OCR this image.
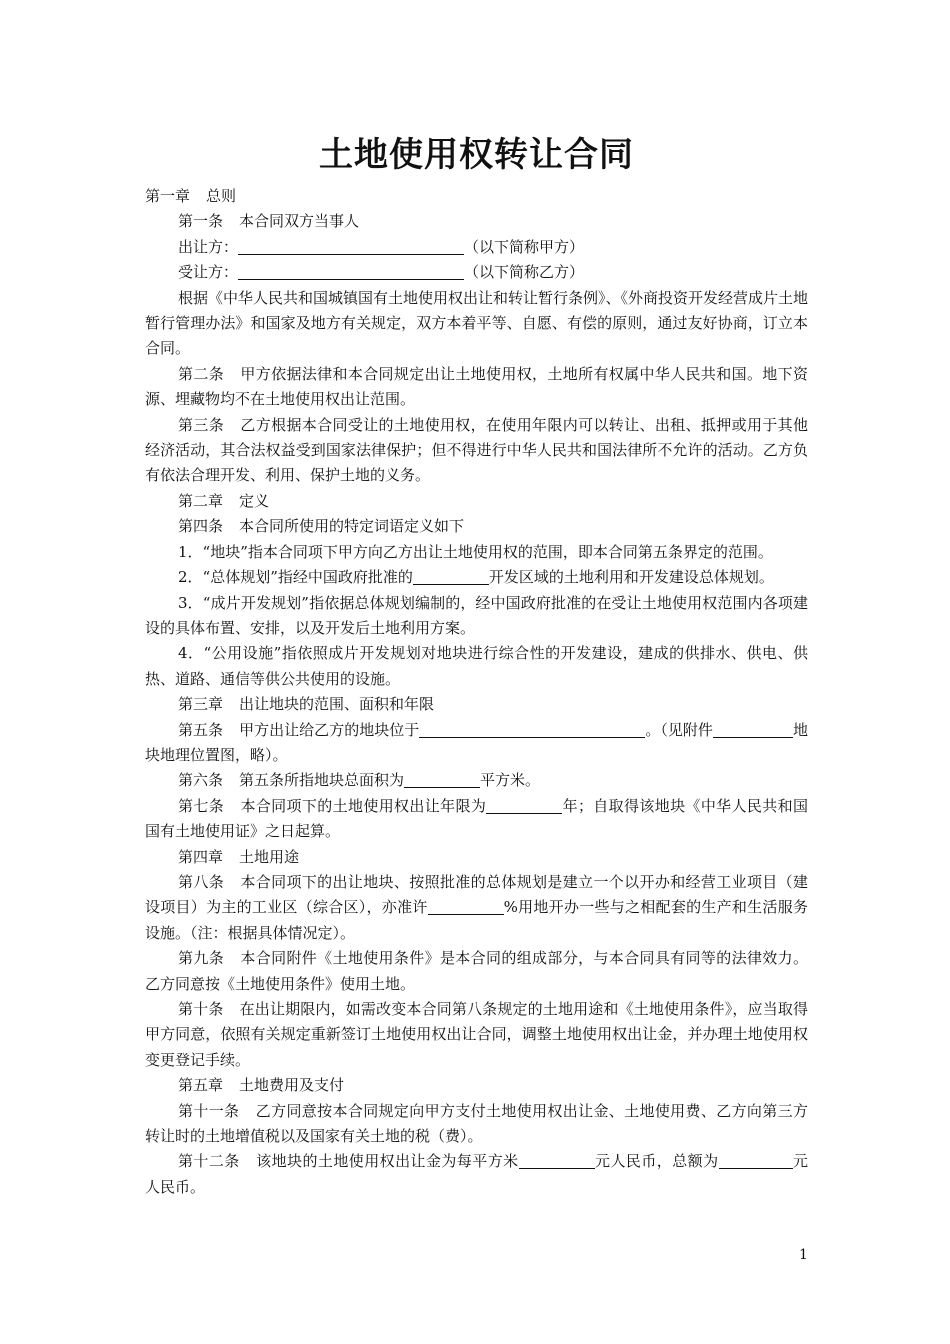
土地使用权转让合同

第一章 总则

第一条 本合同双方当事人

出让方：	（以下简称甲方）

受让方：	（以下简称乙方）

根据《中华人民共和国城镇国有土地使用权出让和转让暂行条例》、《外商投资开发经营成片土地暂行管理办法》和国家及地方有关规定，双方本着平等、自愿、有偿的原则，通过友好协商，订立本合同。

第二条 甲方依据法律和本合同规定出让土地使用权，土地所有权属中华人民共和国。地下资源、埋藏物均不在土地使用权出让范围。

第三条 乙方根据本合同受让的土地使用权，在使用年限内可以转让、出租、抵押或用于其他经济活动，其合法权益受到国家法律保护；但不得进行中华人民共和国法律所不允许的活动。乙方负有依法合理开发、利用、保护土地的义务。

第二章 定义

第四条 本合同所使用的特定词语定义如下

1．“地块”指本合同项下甲方向乙方出让土地使用权的范围，即本合同第五条界定的范围。

2．“总体规划”指经中国政府批准的	开发区域的土地利用和开发建设总体规划。

3．“成片开发规划”指依据总体规划编制的，经中国政府批准的在受让土地使用权范围内各项建设的具体布置、安排，以及开发后土地利用方案。

4．“公用设施”指依照成片开发规划对地块进行综合性的开发建设，建成的供排水、供电、供热、道路、通信等供公共使用的设施。

第三章 出让地块的范围、面积和年限

第五条 甲方出让给乙方的地块位于	。（见附件	地块地理位置图，略）。

第六条 第五条所指地块总面积为	平方米。

第七条 本合同项下的土地使用权出让年限为	年；自取得该地块《中华人民共和国国有土地使用证》之日起算。

第四章 土地用途

第八条 本合同项下的出让地块、按照批准的总体规划是建立一个以开办和经营工业项目（建设项目）为主的工业区（综合区），亦准许	%用地开办一些与之相配套的生产和生活服务设施。（注：根据具体情况定）。

第九条 本合同附件《土地使用条件》是本合同的组成部分，与本合同具有同等的法律效力。乙方同意按《土地使用条件》使用土地。

第十条 在出让期限内，如需改变本合同第八条规定的土地用途和《土地使用条件》，应当取得甲方同意，依照有关规定重新签订土地使用权出让合同，调整土地使用权出让金，并办理土地使用权变更登记手续。

第五章 土地费用及支付

第十一条 乙方同意按本合同规定向甲方支付土地使用权出让金、土地使用费、乙方向第三方转让时的土地增值税以及国家有关土地的税（费）。

第十二条 该地块的土地使用权出让金为每平方米	元人民币，总额为	元人民币。

1
